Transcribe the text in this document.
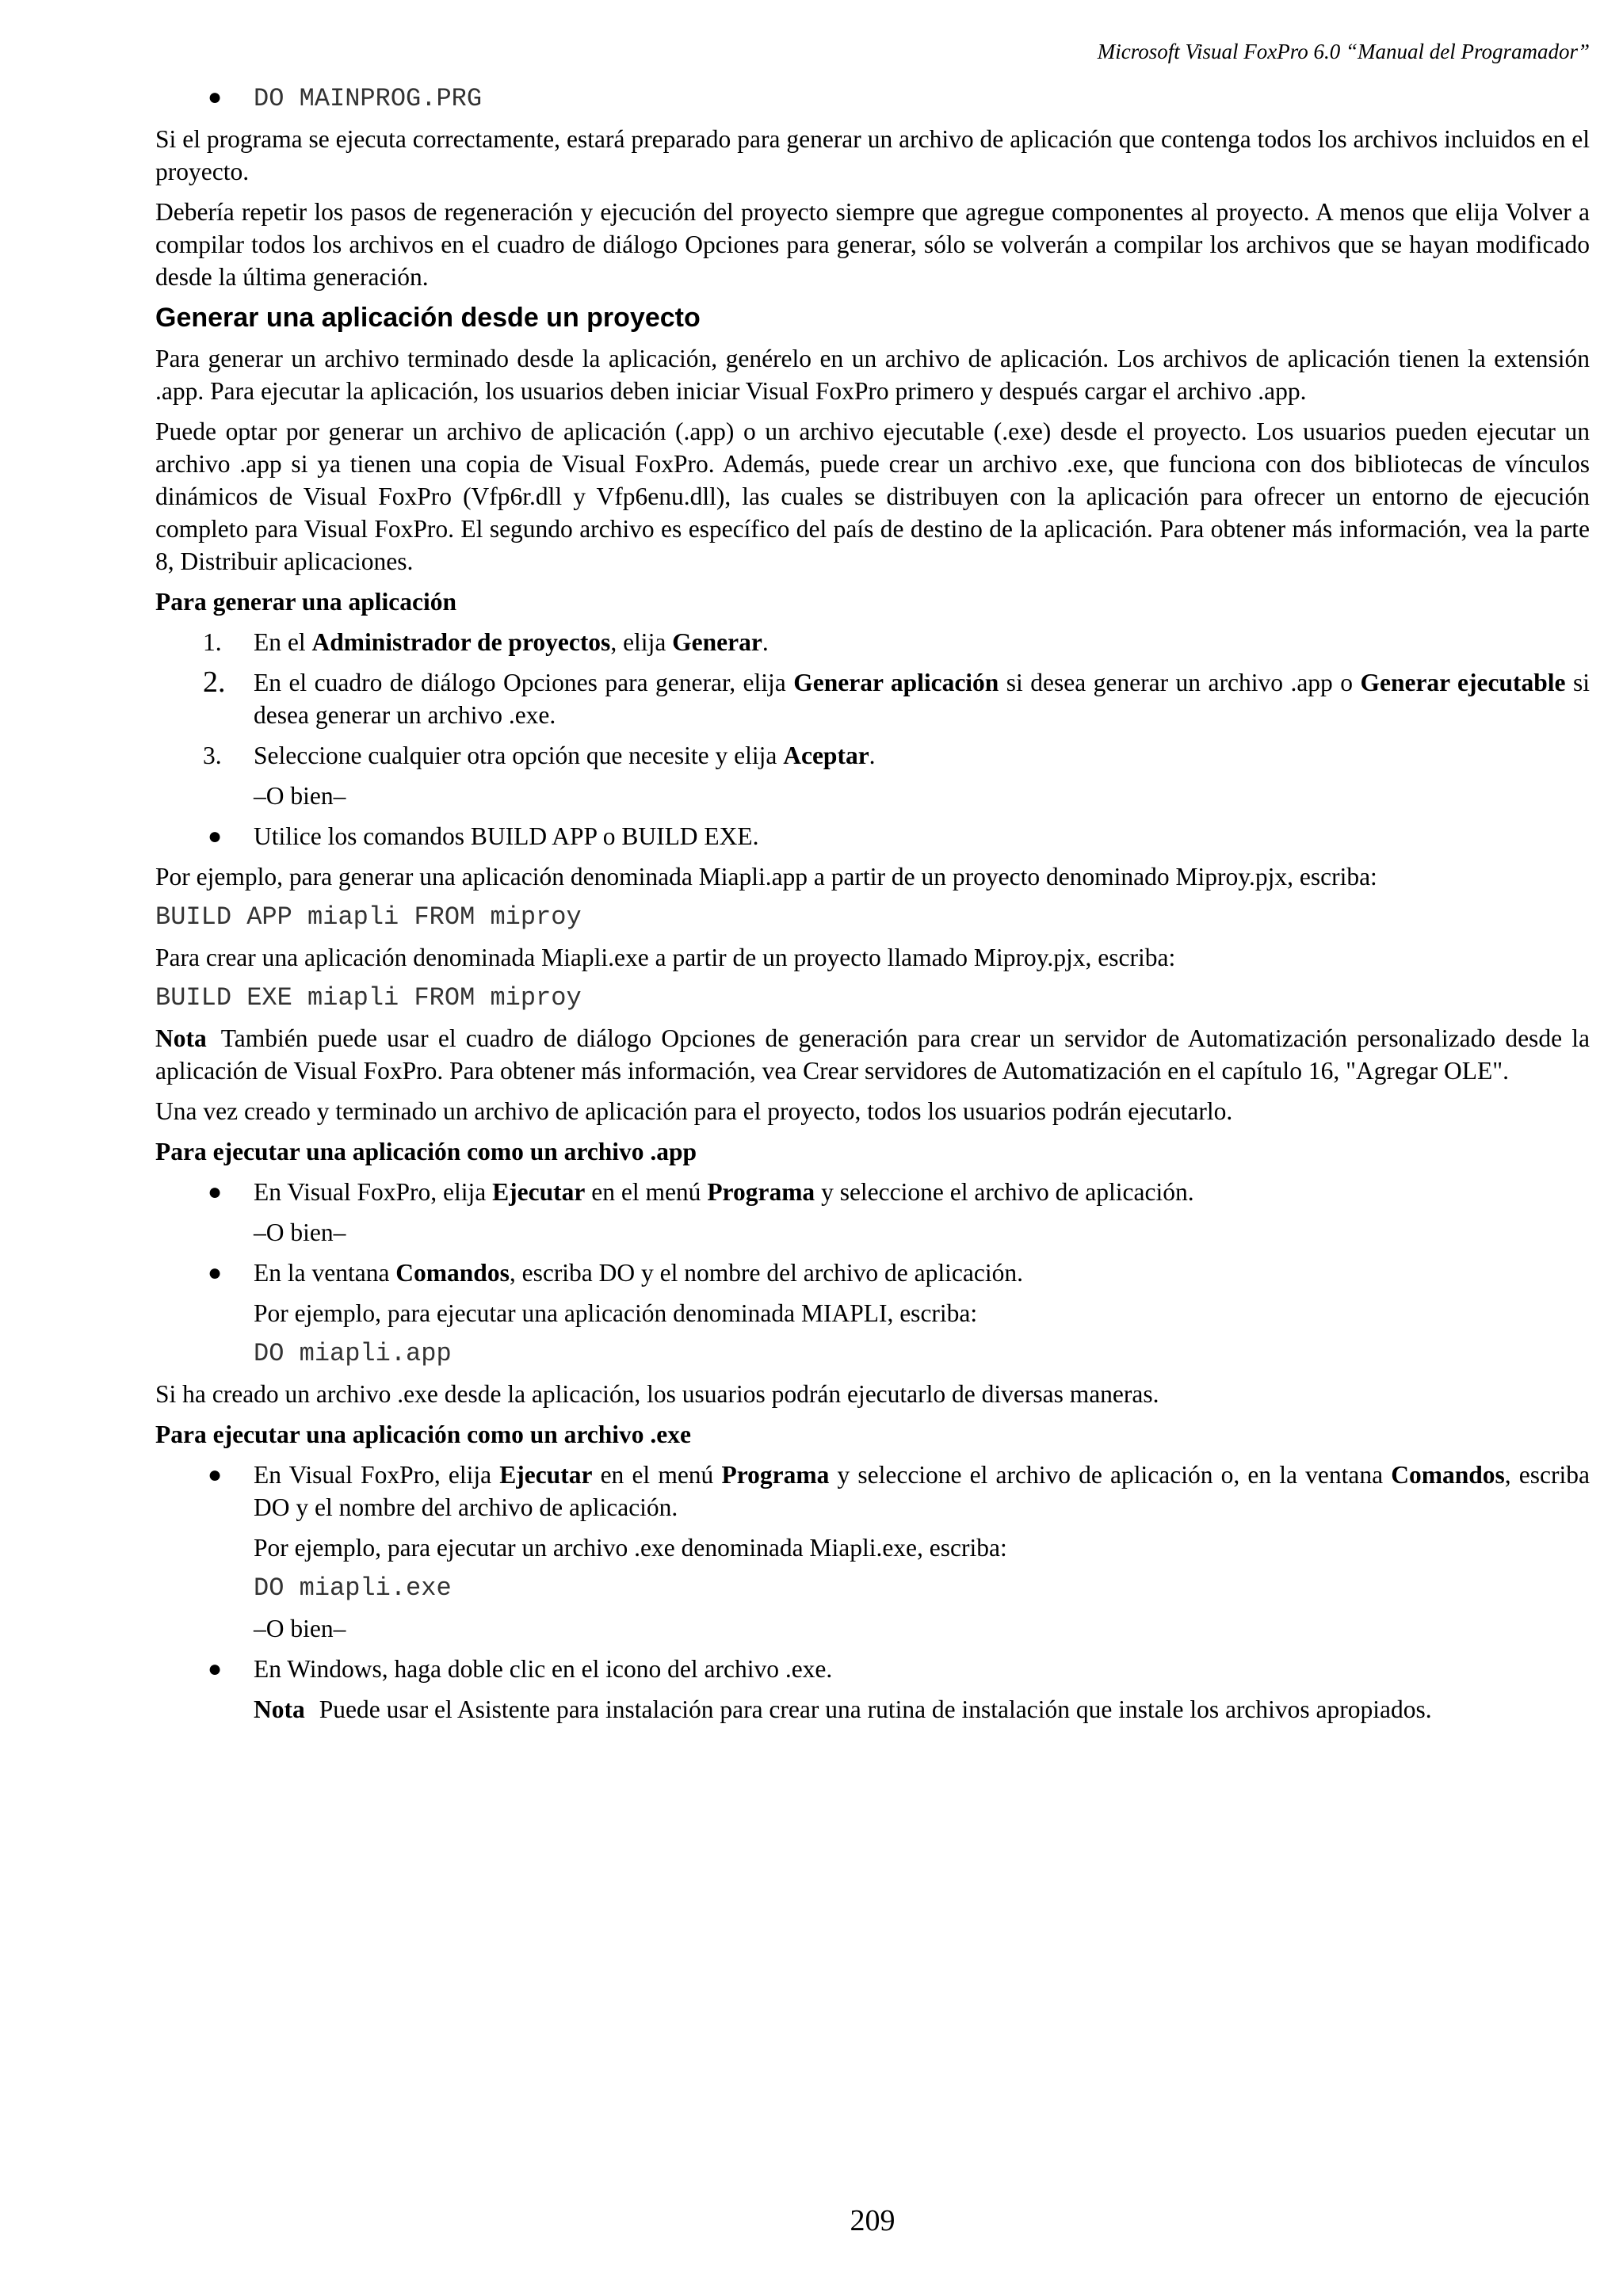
Microsoft Visual FoxPro 6.0 “Manual del Programador”
● DO MAINPROG.PRG

Si el programa se ejecuta correctamente, estará preparado para generar un archivo de aplicación que contenga todos los archivos incluidos en el proyecto.

Debería repetir los pasos de regeneración y ejecución del proyecto siempre que agregue componentes al proyecto. A menos que elija Volver a compilar todos los archivos en el cuadro de diálogo Opciones para generar, sólo se volverán a compilar los archivos que se hayan modificado desde la última generación.

Generar una aplicación desde un proyecto

Para generar un archivo terminado desde la aplicación, genérelo en un archivo de aplicación. Los archivos de aplicación tienen la extensión .app. Para ejecutar la aplicación, los usuarios deben iniciar Visual FoxPro primero y después cargar el archivo .app.

Puede optar por generar un archivo de aplicación (.app) o un archivo ejecutable (.exe) desde el proyecto. Los usuarios pueden ejecutar un archivo .app si ya tienen una copia de Visual FoxPro. Además, puede crear un archivo .exe, que funciona con dos bibliotecas de vínculos dinámicos de Visual FoxPro (Vfp6r.dll y Vfp6enu.dll), las cuales se distribuyen con la aplicación para ofrecer un entorno de ejecución completo para Visual FoxPro. El segundo archivo es específico del país de destino de la aplicación. Para obtener más información, vea la parte 8, Distribuir aplicaciones.

Para generar una aplicación
1. En el Administrador de proyectos, elija Generar.
2. En el cuadro de diálogo Opciones para generar, elija Generar aplicación si desea generar un archivo .app o Generar ejecutable si desea generar un archivo .exe.
3. Seleccione cualquier otra opción que necesite y elija Aceptar.
–O bien–
● Utilice los comandos BUILD APP o BUILD EXE.

Por ejemplo, para generar una aplicación denominada Miapli.app a partir de un proyecto denominado Miproy.pjx, escriba:

BUILD APP miapli FROM miproy

Para crear una aplicación denominada Miapli.exe a partir de un proyecto llamado Miproy.pjx, escriba:

BUILD EXE miapli FROM miproy

Nota También puede usar el cuadro de diálogo Opciones de generación para crear un servidor de Automatización personalizado desde la aplicación de Visual FoxPro. Para obtener más información, vea Crear servidores de Automatización en el capítulo 16, "Agregar OLE".

Una vez creado y terminado un archivo de aplicación para el proyecto, todos los usuarios podrán ejecutarlo.

Para ejecutar una aplicación como un archivo .app
● En Visual FoxPro, elija Ejecutar en el menú Programa y seleccione el archivo de aplicación.
–O bien–
● En la ventana Comandos, escriba DO y el nombre del archivo de aplicación.
Por ejemplo, para ejecutar una aplicación denominada MIAPLI, escriba:
DO miapli.app

Si ha creado un archivo .exe desde la aplicación, los usuarios podrán ejecutarlo de diversas maneras.

Para ejecutar una aplicación como un archivo .exe
● En Visual FoxPro, elija Ejecutar en el menú Programa y seleccione el archivo de aplicación o, en la ventana Comandos, escriba DO y el nombre del archivo de aplicación.
Por ejemplo, para ejecutar un archivo .exe denominada Miapli.exe, escriba:
DO miapli.exe
–O bien–
● En Windows, haga doble clic en el icono del archivo .exe.
Nota Puede usar el Asistente para instalación para crear una rutina de instalación que instale los archivos apropiados.
209
